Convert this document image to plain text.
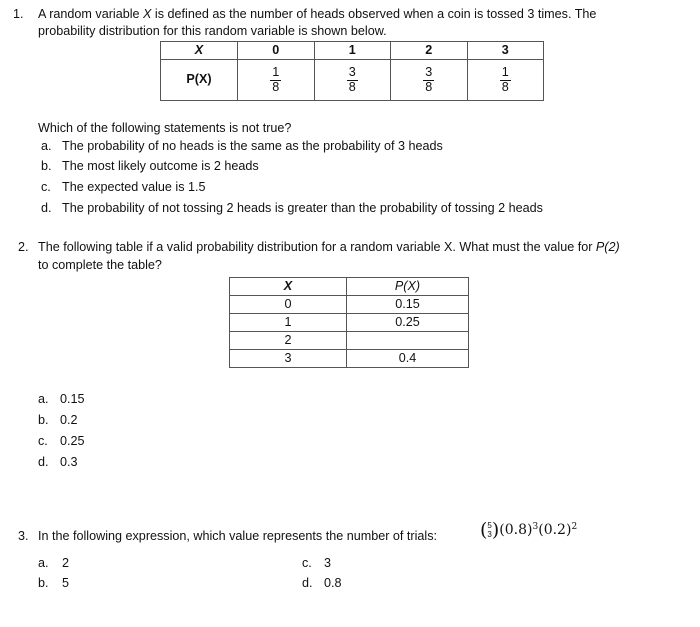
1. A random variable X is defined as the number of heads observed when a coin is tossed 3 times. The
probability distribution for this random variable is shown below.
X	0	1	2	3
P(X)	$\frac{1}{8}$	$\frac{3}{8}$	$\frac{3}{8}$	$\frac{1}{8}$
Which of the following statements is not true?
a. The probability of no heads is the same as the probability of 3 heads
b. The most likely outcome is 2 heads
c. The expected value is 1.5
d. The probability of not tossing 2 heads is greater than the probability of tossing 2 heads
2. The following table if a valid probability distribution for a random variable X. What must the value for P(2)
to complete the table?
X	P(X)
0	0.15
1	0.25
2	
3	0.4
a. 0.15
b. 0.2
c. 0.25
d. 0.3
3. In the following expression, which value represents the number of trials: ( 5
3 )$(0.8)^3(0.2)^2$
a. 2
b. 5
c. 3
d. 0.8
